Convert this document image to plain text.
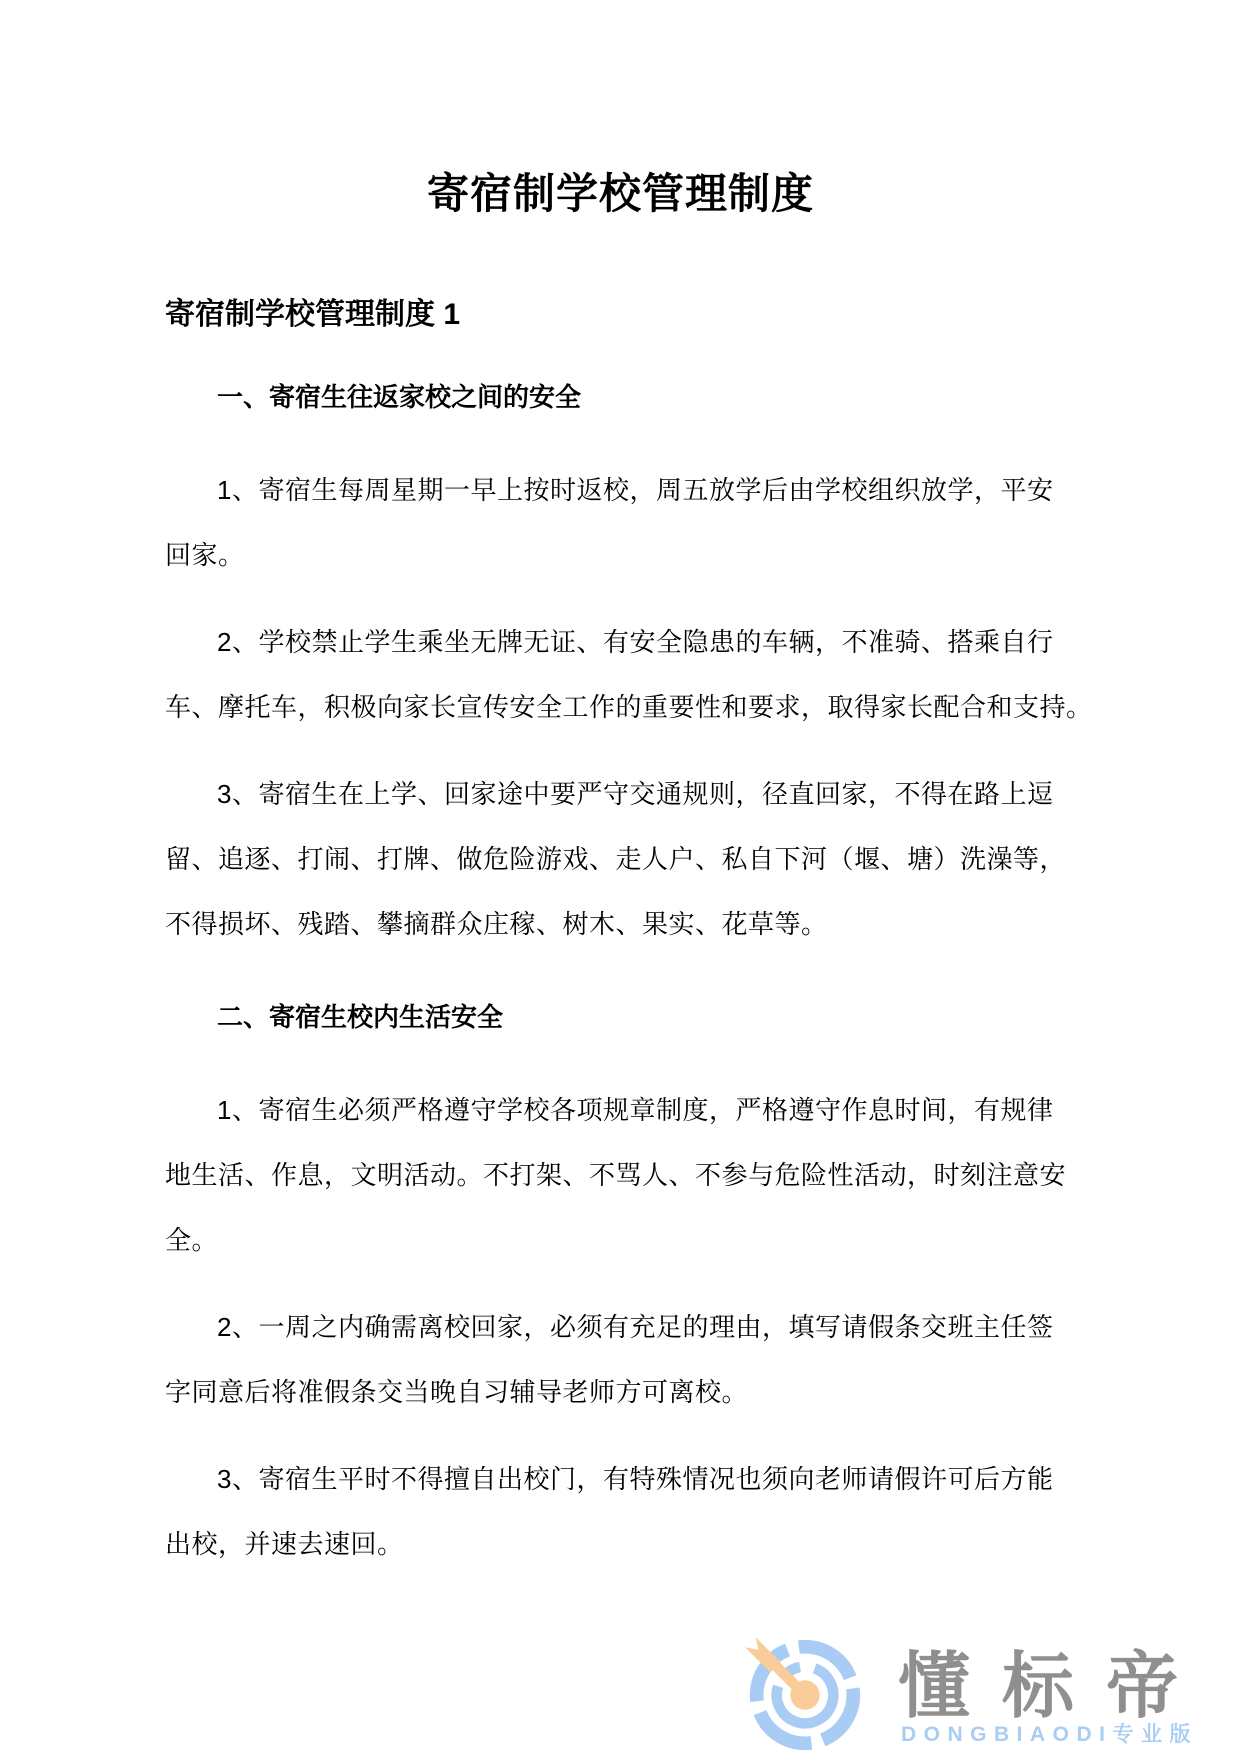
寄宿制学校管理制度
寄宿制学校管理制度 1
一、寄宿生往返家校之间的安全
1、寄宿生每周星期一早上按时返校，周五放学后由学校组织放学，平安
回家。
2、学校禁止学生乘坐无牌无证、有安全隐患的车辆，不准骑、搭乘自行
车、摩托车，积极向家长宣传安全工作的重要性和要求，取得家长配合和支持。
3、寄宿生在上学、回家途中要严守交通规则，径直回家，不得在路上逗
留、追逐、打闹、打牌、做危险游戏、走人户、私自下河（堰、塘）洗澡等，
不得损坏、残踏、攀摘群众庄稼、树木、果实、花草等。
二、寄宿生校内生活安全
1、寄宿生必须严格遵守学校各项规章制度，严格遵守作息时间，有规律
地生活、作息，文明活动。不打架、不骂人、不参与危险性活动，时刻注意安
全。
2、一周之内确需离校回家，必须有充足的理由，填写请假条交班主任签
字同意后将准假条交当晚自习辅导老师方可离校。
3、寄宿生平时不得擅自出校门，有特殊情况也须向老师请假许可后方能
出校，并速去速回。
懂标帝
DONGBIAODI专业版
